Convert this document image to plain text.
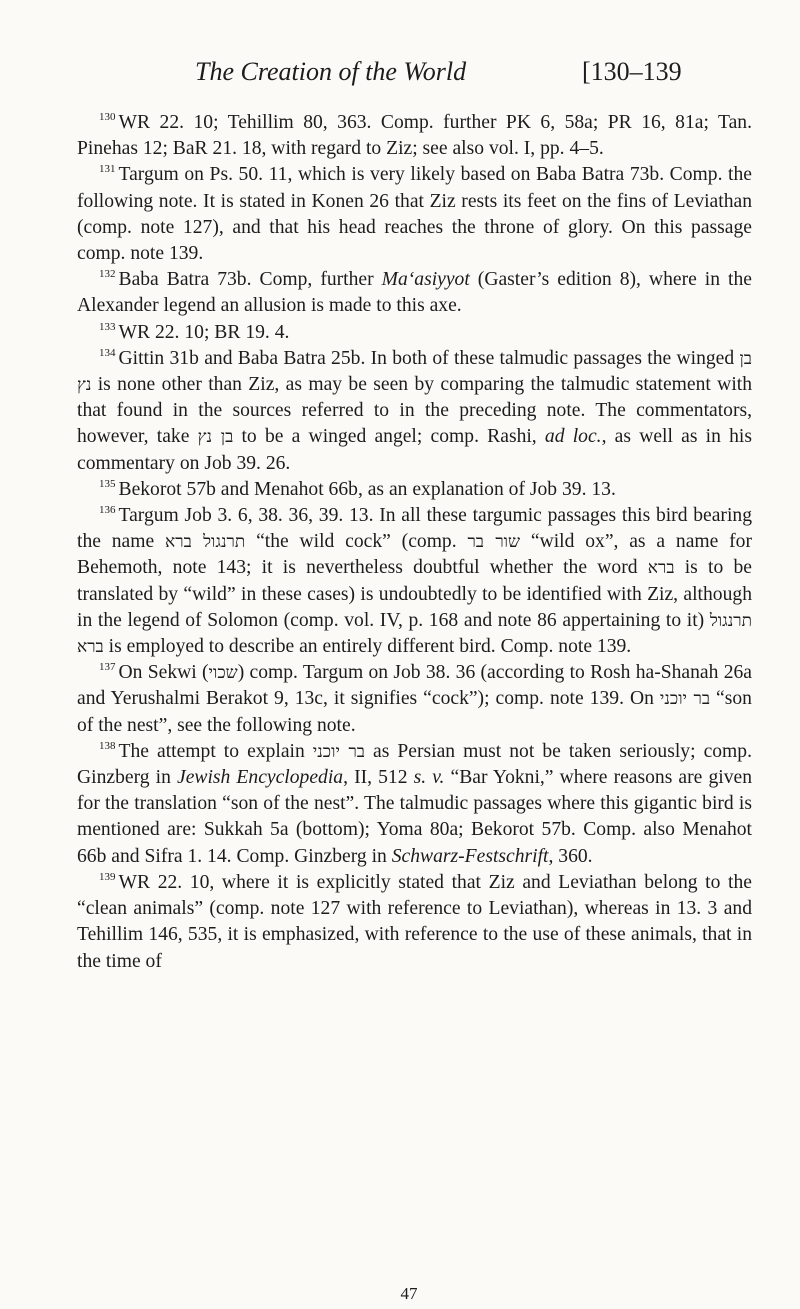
The Creation of the World	[130–139

$^{130}$ WR 22. 10; Tehillim 80, 363. Comp. further PK 6, 58a; PR 16, 81a; Tan. Pinehas 12; BaR 21. 18, with regard to Ziz; see also vol. I, pp. 4–5.

$^{131}$ Targum on Ps. 50. 11, which is very likely based on Baba Batra 73b. Comp. the following note. It is stated in Konen 26 that Ziz rests its feet on the fins of Leviathan (comp. note 127), and that his head reaches the throne of glory. On this passage comp. note 139.

$^{132}$ Baba Batra 73b. Comp, further Ma‘asiyyot (Gaster’s edition 8), where in the Alexander legend an allusion is made to this axe.

$^{133}$ WR 22. 10; BR 19. 4.

$^{134}$ Gittin 31b and Baba Batra 25b. In both of these talmudic passages the winged בן נץ is none other than Ziz, as may be seen by comparing the talmudic statement with that found in the sources referred to in the preceding note. The commentators, however, take בן נץ to be a winged angel; comp. Rashi, ad loc., as well as in his commentary on Job 39. 26.

$^{135}$ Bekorot 57b and Menahot 66b, as an explanation of Job 39. 13.

$^{136}$ Targum Job 3. 6, 38. 36, 39. 13. In all these targumic passages this bird bearing the name תרנגול ברא “the wild cock” (comp. שור בר “wild ox”, as a name for Behemoth, note 143; it is nevertheless doubtful whether the word ברא is to be translated by “wild” in these cases) is undoubtedly to be identified with Ziz, although in the legend of Solomon (comp. vol. IV, p. 168 and note 86 appertaining to it) תרנגול ברא is employed to describe an entirely different bird. Comp. note 139.

$^{137}$ On Sekwi (שכוי) comp. Targum on Job 38. 36 (according to Rosh ha-Shanah 26a and Yerushalmi Berakot 9, 13c, it signifies “cock”); comp. note 139. On בר יוכני “son of the nest”, see the following note.

$^{138}$ The attempt to explain בר יוכני as Persian must not be taken seriously; comp. Ginzberg in Jewish Encyclopedia, II, 512 s. v. “Bar Yokni,” where reasons are given for the translation “son of the nest”. The talmudic passages where this gigantic bird is mentioned are: Sukkah 5a (bottom); Yoma 80a; Bekorot 57b. Comp. also Menahot 66b and Sifra 1. 14. Comp. Ginzberg in Schwarz-Festschrift, 360.

$^{139}$ WR 22. 10, where it is explicitly stated that Ziz and Leviathan belong to the “clean animals” (comp. note 127 with reference to Leviathan), whereas in 13. 3 and Tehillim 146, 535, it is emphasized, with reference to the use of these animals, that in the time of

47
